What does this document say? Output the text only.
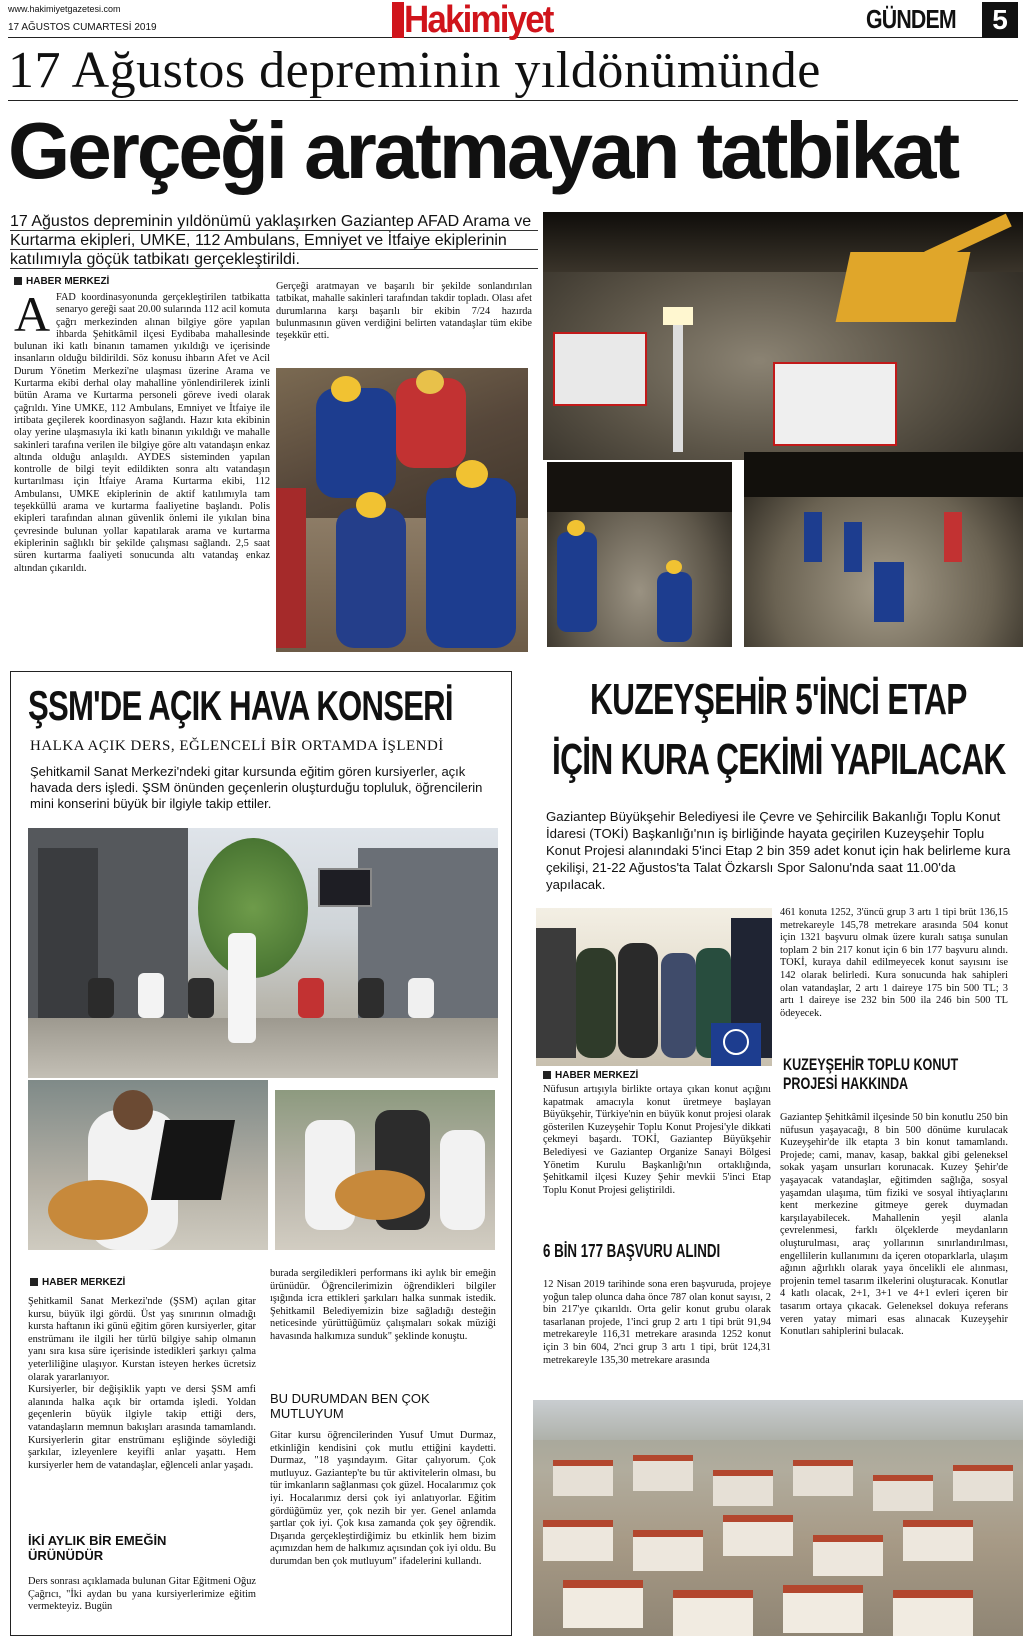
www.hakimiyetgazetesi.com
17 AĞUSTOS CUMARTESİ 2019	Hakimiyet	GÜNDEM	5
17 Ağustos depreminin yıldönümünde
Gerçeği aratmayan tatbikat
17 Ağustos depreminin yıldönümü yaklaşırken Gaziantep AFAD Arama ve Kurtarma ekipleri, UMKE, 112 Ambulans, Emniyet ve İtfaiye ekiplerinin katılımıyla göçük tatbikatı gerçekleştirildi.
HABER MERKEZİ
A FAD koordinasyonunda gerçekleştirilen tatbikatta senaryo gereği saat 20.00 sularında 112 acil komuta çağrı merkezinden alınan bilgiye göre yapılan ihbarda Şehitkâmil ilçesi Eydibaba mahallesinde bulunan iki katlı binanın tamamen yıkıldığı ve içerisinde insanların olduğu bildirildi. Söz konusu ihbarın Afet ve Acil Durum Yönetim Merkezi'ne ulaşması üzerine Arama ve Kurtarma ekibi derhal olay mahalline yönlendirilerek izinli bütün Arama ve Kurtarma personeli göreve ivedi olarak çağrıldı. Yine UMKE, 112 Ambulans, Emniyet ve İtfaiye ile irtibata geçilerek koordinasyon sağlandı. Hazır kıta ekibinin olay yerine ulaşmasıyla iki katlı binanın yıkıldığı ve mahalle sakinleri tarafına verilen ile bilgiye göre altı vatandaşın enkaz altında olduğu anlaşıldı. AYDES sisteminden yapılan kontrolle de bilgi teyit edildikten sonra altı vatandaşın kurtarılması için İtfaiye Arama Kurtarma ekibi, 112 Ambulansı, UMKE ekiplerinin de aktif katılımıyla tam teşekküllü arama ve kurtarma faaliyetine başlandı. Polis ekipleri tarafından alınan güvenlik önlemi ile yıkılan bina çevresinde bulunan yollar kapatılarak arama ve kurtarma ekiplerinin sağlıklı bir şekilde çalışması sağlandı. 2,5 saat süren kurtarma faaliyeti sonucunda altı vatandaş enkaz altından çıkarıldı.
Gerçeği aratmayan ve başarılı bir şekilde sonlandırılan tatbikat, mahalle sakinleri tarafından takdir topladı. Olası afet durumlarına karşı başarılı bir ekibin 7/24 hazırda bulunmasının güven verdiğini belirten vatandaşlar tüm ekibe teşekkür etti.
ŞSM'DE AÇIK HAVA KONSERİ
HALKA AÇIK DERS, EĞLENCELİ BİR ORTAMDA İŞLENDİ
Şehitkamil Sanat Merkezi'ndeki gitar kursunda eğitim gören kursiyerler, açık havada ders işledi. ŞSM önünden geçenlerin oluşturduğu topluluk, öğrencilerin mini konserini büyük bir ilgiyle takip ettiler.
HABER MERKEZİ
Şehitkamil Sanat Merkezi'nde (ŞSM) açılan gitar kursu, büyük ilgi gördü. Üst yaş sınırının olmadığı kursta haftanın iki günü eğitim gören kursiyerler, gitar enstrümanı ile ilgili her türlü bilgiye sahip olmanın yanı sıra kısa süre içerisinde istedikleri şarkıyı çalma yeterliliğine ulaşıyor. Kurstan isteyen herkes ücretsiz olarak yararlanıyor.
Kursiyerler, bir değişiklik yaptı ve dersi ŞSM amfi alanında halka açık bir ortamda işledi. Yoldan geçenlerin büyük ilgiyle takip ettiği ders, vatandaşların memnun bakışları arasında tamamlandı. Kursiyerlerin gitar enstrümanı eşliğinde söylediği şarkılar, izleyenlere keyifli anlar yaşattı. Hem kursiyerler hem de vatandaşlar, eğlenceli anlar yaşadı.
İKİ AYLIK BİR EMEĞİN ÜRÜNÜDÜR
Ders sonrası açıklamada bulunan Gitar Eğitmeni Oğuz Çağrıcı, "İki aydan bu yana kursiyerlerimize eğitim vermekteyiz. Bugün
burada sergiledikleri performans iki aylık bir emeğin ürünüdür. Öğrencilerimizin öğrendikleri bilgiler ışığında icra ettikleri şarkıları halka sunmak istedik. Şehitkamil Belediyemizin bize sağladığı desteğin neticesinde yürüttüğümüz çalışmaları sokak müziği havasında halkımıza sunduk" şeklinde konuştu.
BU DURUMDAN BEN ÇOK MUTLUYUM
Gitar kursu öğrencilerinden Yusuf Umut Durmaz, etkinliğin kendisini çok mutlu ettiğini kaydetti. Durmaz, "18 yaşındayım. Gitar çalıyorum. Çok mutluyuz. Gaziantep'te bu tür aktivitelerin olması, bu tür imkanların sağlanması çok güzel. Hocalarımız çok iyi. Hocalarımız dersi çok iyi anlatıyorlar. Eğitim gördüğümüz yer, çok nezih bir yer. Genel anlamda şartlar çok iyi. Çok kısa zamanda çok şey öğrendik. Dışarıda gerçekleştirdiğimiz bu etkinlik hem bizim açımızdan hem de halkımız açısından çok iyi oldu. Bu durumdan ben çok mutluyum" ifadelerini kullandı.
KUZEYŞEHİR 5'İNCİ ETAP
İÇİN KURA ÇEKİMİ YAPILACAK
Gaziantep Büyükşehir Belediyesi ile Çevre ve Şehircilik Bakanlığı Toplu Konut İdaresi (TOKİ) Başkanlığı'nın iş birliğinde hayata geçirilen Kuzeyşehir Toplu Konut Projesi alanındaki 5'inci Etap 2 bin 359 adet konut için hak belirleme kura çekilişi, 21-22 Ağustos'ta Talat Özkarslı Spor Salonu'nda saat 11.00'da yapılacak.
461 konuta 1252, 3'üncü grup 3 artı 1 tipi brüt 136,15 metrekareyle 145,78 metrekare arasında 504 konut için 1321 başvuru olmak üzere kuralı satışa sunulan toplam 2 bin 217 konut için 6 bin 177 başvuru alındı. TOKİ, kuraya dahil edilmeyecek konut sayısını ise 142 olarak belirledi. Kura sonucunda hak sahipleri olan vatandaşlar, 2 artı 1 daireye 175 bin 500 TL; 3 artı 1 daireye ise 232 bin 500 ila 246 bin 500 TL ödeyecek.
KUZEYŞEHİR TOPLU KONUT PROJESİ HAKKINDA
Gaziantep Şehitkâmil ilçesinde 50 bin konutlu 250 bin nüfusun yaşayacağı, 8 bin 500 dönüme kurulacak Kuzeyşehir'de ilk etapta 3 bin konut tamamlandı. Projede; cami, manav, kasap, bakkal gibi geleneksel sokak yaşam unsurları korunacak. Kuzey Şehir'de yaşayacak vatandaşlar, eğitimden sağlığa, sosyal yaşamdan ulaşıma, tüm fiziki ve sosyal ihtiyaçlarını kent merkezine gitmeye gerek duymadan karşılayabilecek. Mahallenin yeşil alanla çevrelenmesi, farklı ölçeklerde meydanların oluşturulması, araç yollarının sınırlandırılması, engellilerin kullanımını da içeren otoparklarla, ulaşım ağının ağırlıklı olarak yaya öncelikli ele alınması, projenin temel tasarım ilkelerini oluşturacak. Konutlar 4 katlı olacak, 2+1, 3+1 ve 4+1 evleri içeren bir tasarım ortaya çıkacak. Geleneksel dokuya referans veren yatay mimari esas alınacak Kuzeyşehir Konutları sahiplerini bulacak.
HABER MERKEZİ
Nüfusun artışıyla birlikte ortaya çıkan konut açığını kapatmak amacıyla konut üretmeye başlayan Büyükşehir, Türkiye'nin en büyük konut projesi olarak gösterilen Kuzeyşehir Toplu Konut Projesi'yle dikkati çekmeyi başardı. TOKİ, Gaziantep Büyükşehir Belediyesi ve Gaziantep Organize Sanayi Bölgesi Yönetim Kurulu Başkanlığı'nın ortaklığında, Şehitkamil ilçesi Kuzey Şehir mevkii 5'inci Etap Toplu Konut Projesi geliştirildi.
6 BİN 177 BAŞVURU ALINDI
12 Nisan 2019 tarihinde sona eren başvuruda, projeye yoğun talep olunca daha önce 787 olan konut sayısı, 2 bin 217'ye çıkarıldı. Orta gelir konut grubu olarak tasarlanan projede, 1'inci grup 2 artı 1 tipi brüt 91,94 metrekareyle 116,31 metrekare arasında 1252 konut için 3 bin 604, 2'nci grup 3 artı 1 tipi, brüt 124,31 metrekareyle 135,30 metrekare arasında
